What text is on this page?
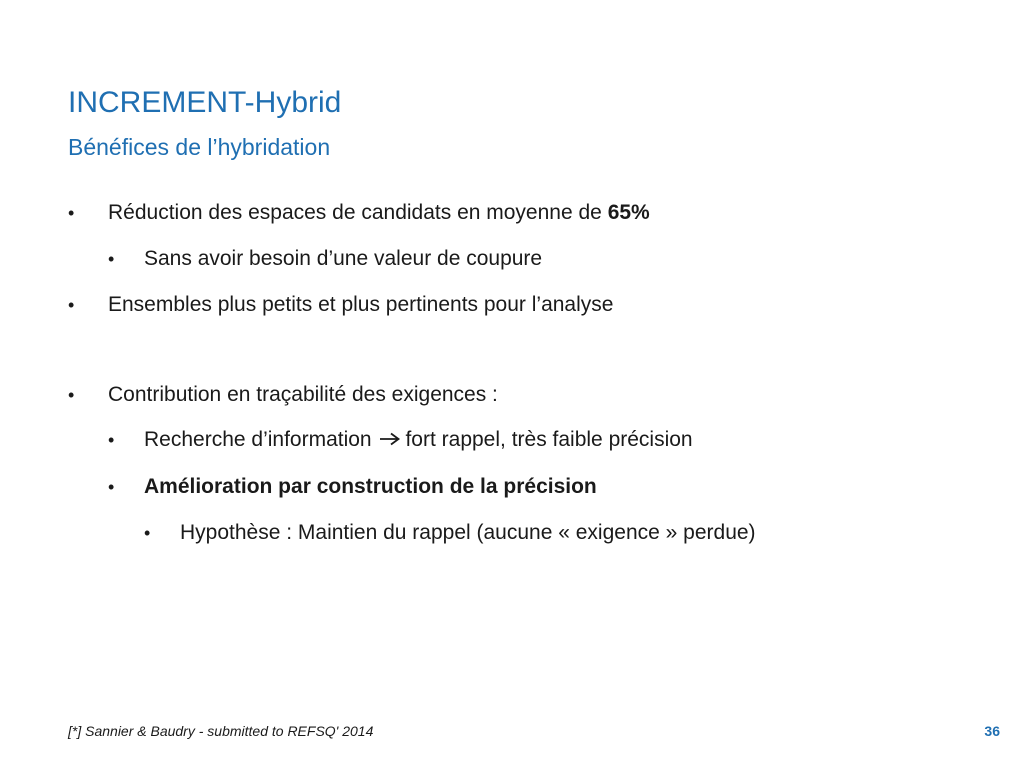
INCREMENT-Hybrid
Bénéfices de l’hybridation
• Réduction des espaces de candidats en moyenne de 65%
• Sans avoir besoin d’une valeur de coupure
• Ensembles plus petits et plus pertinents pour l’analyse
• Contribution en traçabilité des exigences :
• Recherche d’information fort rappel, très faible précision
• Amélioration par construction de la précision
• Hypothèse : Maintien du rappel (aucune « exigence » perdue)
[*] Sannier & Baudry - submitted to REFSQ' 2014	36
